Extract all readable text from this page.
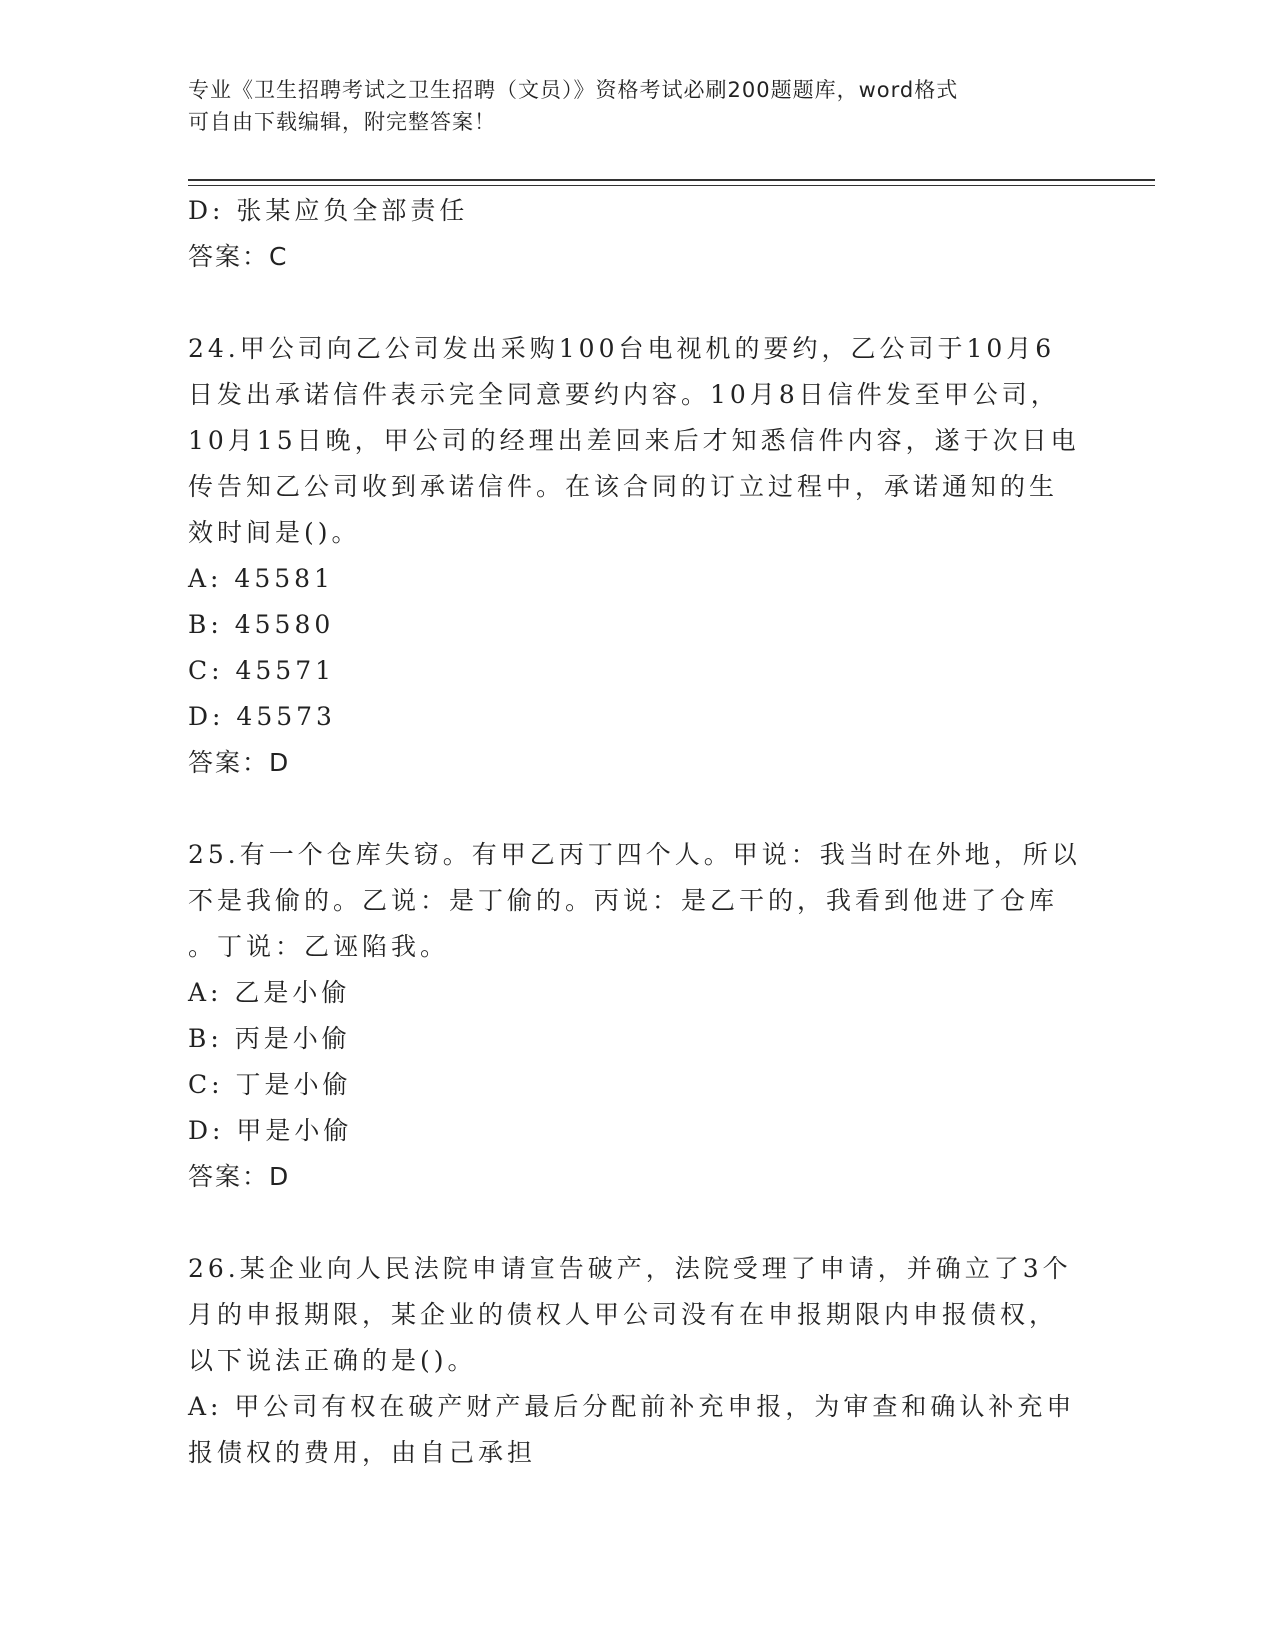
专业《卫生招聘考试之卫生招聘（文员）》资格考试必刷200题题库，word格式
可自由下载编辑，附完整答案！

D: 张某应负全部责任

答案：C

24.甲公司向乙公司发出采购100台电视机的要约，乙公司于10月6

日发出承诺信件表示完全同意要约内容。10月8日信件发至甲公司，

10月15日晚，甲公司的经理出差回来后才知悉信件内容，遂于次日电

传告知乙公司收到承诺信件。在该合同的订立过程中，承诺通知的生

效时间是()。

A: 45581

B: 45580

C: 45571

D: 45573

答案：D

25.有一个仓库失窃。有甲乙丙丁四个人。甲说：我当时在外地，所以

不是我偷的。乙说：是丁偷的。丙说：是乙干的，我看到他进了仓库

。丁说：乙诬陷我。

A: 乙是小偷

B: 丙是小偷

C: 丁是小偷

D: 甲是小偷

答案：D

26.某企业向人民法院申请宣告破产，法院受理了申请，并确立了3个

月的申报期限，某企业的债权人甲公司没有在申报期限内申报债权，

以下说法正确的是()。

A: 甲公司有权在破产财产最后分配前补充申报，为审查和确认补充申

报债权的费用，由自己承担
